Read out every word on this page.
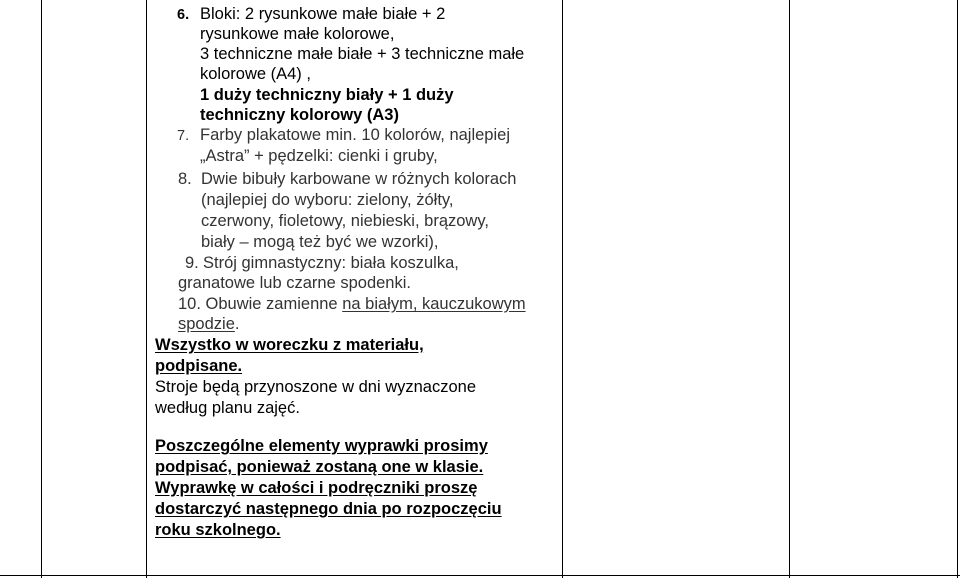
6. Bloki: 2 rysunkowe małe białe + 2
rysunkowe małe kolorowe,
3 techniczne małe białe + 3 techniczne małe
kolorowe (A4) ,
1 duży techniczny biały + 1 duży
techniczny kolorowy (A3)
7. Farby plakatowe min. 10 kolorów, najlepiej
„Astra” + pędzelki: cienki i gruby,
8. Dwie bibuły karbowane w różnych kolorach
(najlepiej do wyboru: zielony, żółty,
czerwony, fioletowy, niebieski, brązowy,
biały – mogą też być we wzorki),
9. Strój gimnastyczny: biała koszulka,
granatowe lub czarne spodenki.
10. Obuwie zamienne na białym, kauczukowym
spodzie.
Wszystko w woreczku z materiału,
podpisane.
Stroje będą przynoszone w dni wyznaczone
według planu zajęć.
Poszczególne elementy wyprawki prosimy
podpisać, ponieważ zostaną one w klasie.
Wyprawkę w całości i podręczniki proszę
dostarczyć następnego dnia po rozpoczęciu
roku szkolnego.
